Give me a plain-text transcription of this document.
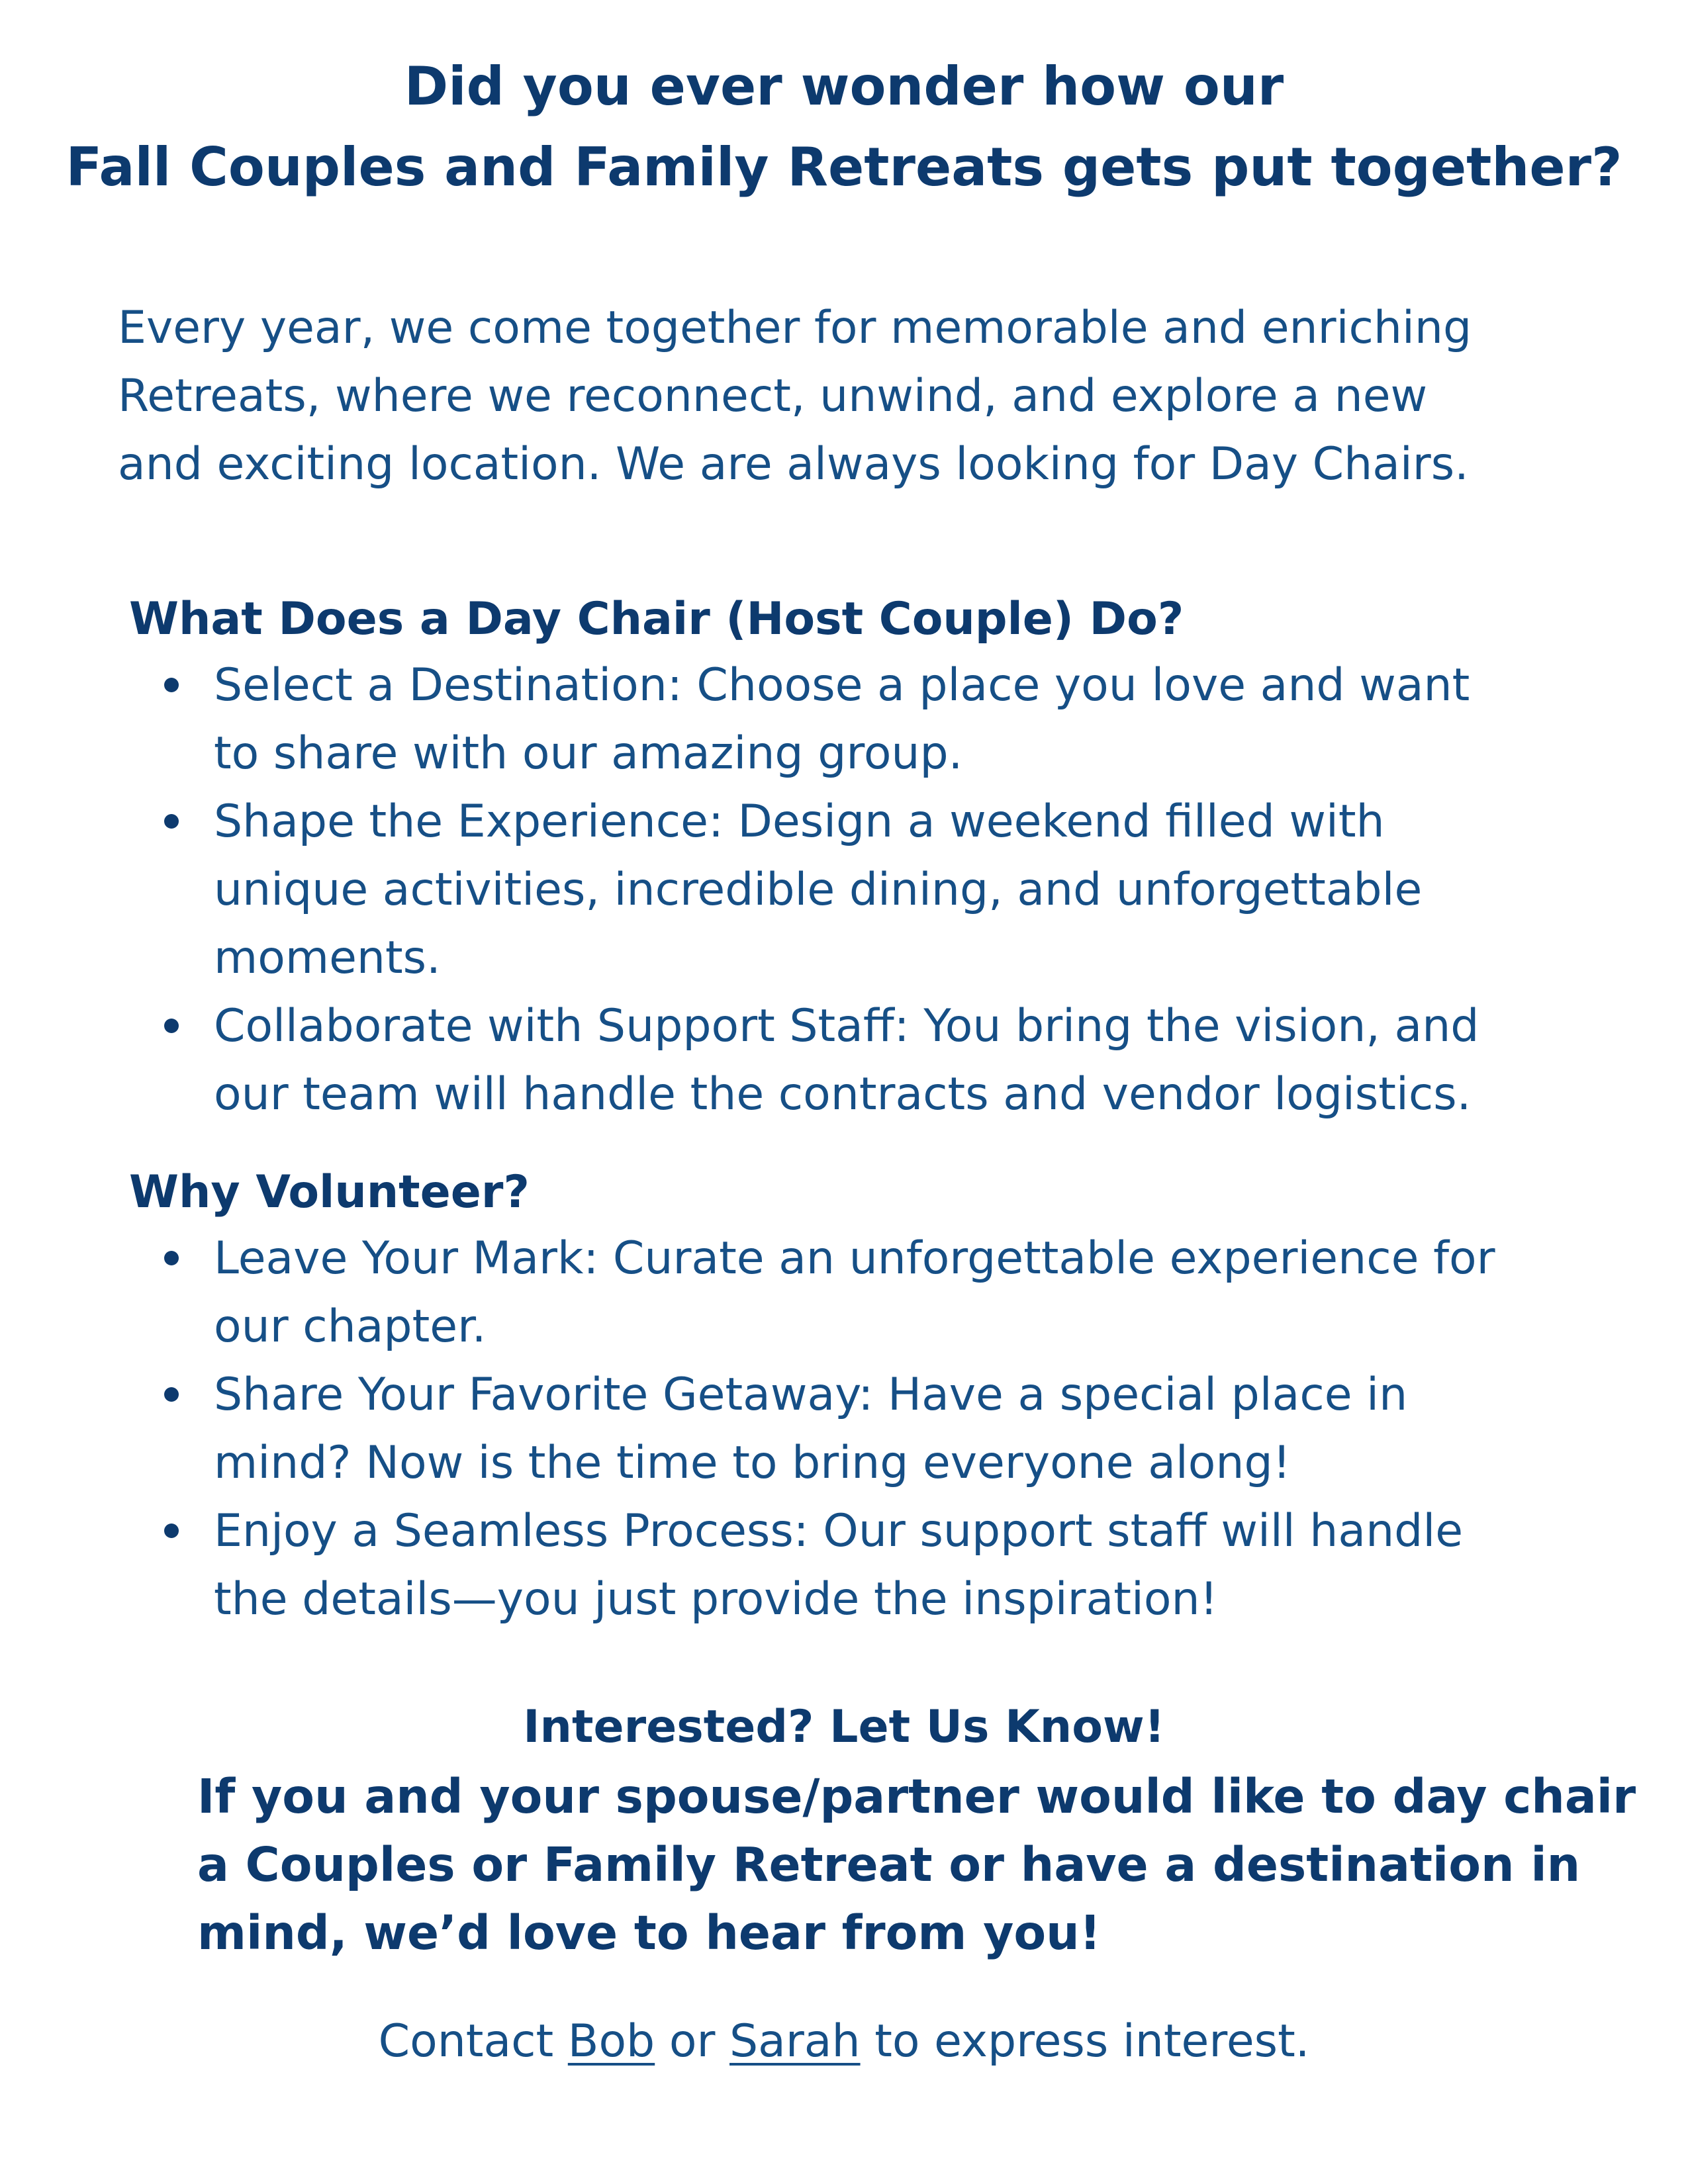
Did you ever wonder how our
Fall Couples and Family Retreats gets put together?
Every year, we come together for memorable and enriching
Retreats, where we reconnect, unwind, and explore a new
and exciting location. We are always looking for Day Chairs.
What Does a Day Chair (Host Couple) Do?
Select a Destination: Choose a place you love and want
to share with our amazing group.
Shape the Experience: Design a weekend filled with
unique activities, incredible dining, and unforgettable
moments.
Collaborate with Support Staff: You bring the vision, and
our team will handle the contracts and vendor logistics.
Why Volunteer?
Leave Your Mark: Curate an unforgettable experience for
our chapter.
Share Your Favorite Getaway: Have a special place in
mind? Now is the time to bring everyone along!
Enjoy a Seamless Process: Our support staff will handle
the details—you just provide the inspiration!
Interested? Let Us Know!
If you and your spouse/partner would like to day chair
a Couples or Family Retreat or have a destination in
mind, we’d love to hear from you!
Contact Bob or Sarah to express interest.
